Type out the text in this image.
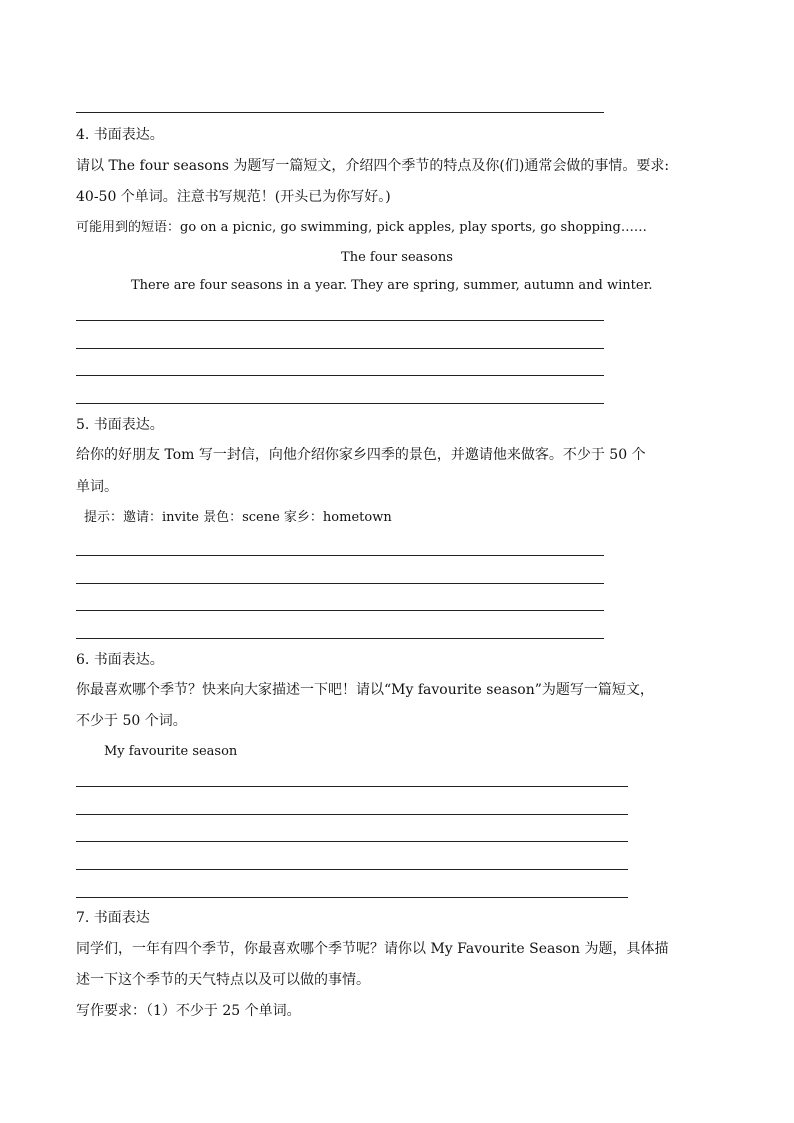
4. 书面表达。
请以 The four seasons 为题写一篇短文，介绍四个季节的特点及你(们)通常会做的事情。要求:
40-50 个单词。注意书写规范！(开头已为你写好。)
可能用到的短语：go on a picnic, go swimming, pick apples, play sports, go shopping……
The four seasons
There are four seasons in a year. They are spring, summer, autumn and winter.
5. 书面表达。
给你的好朋友 Tom 写一封信，向他介绍你家乡四季的景色，并邀请他来做客。不少于 50 个
单词。
提示：邀请：invite 景色：scene 家乡：hometown
6. 书面表达。
你最喜欢哪个季节？快来向大家描述一下吧！请以“My favourite season”为题写一篇短文，
不少于 50 个词。
My favourite season
7. 书面表达
同学们，一年有四个季节，你最喜欢哪个季节呢？请你以 My Favourite Season 为题，具体描
述一下这个季节的天气特点以及可以做的事情。
写作要求：（1）不少于 25 个单词。
